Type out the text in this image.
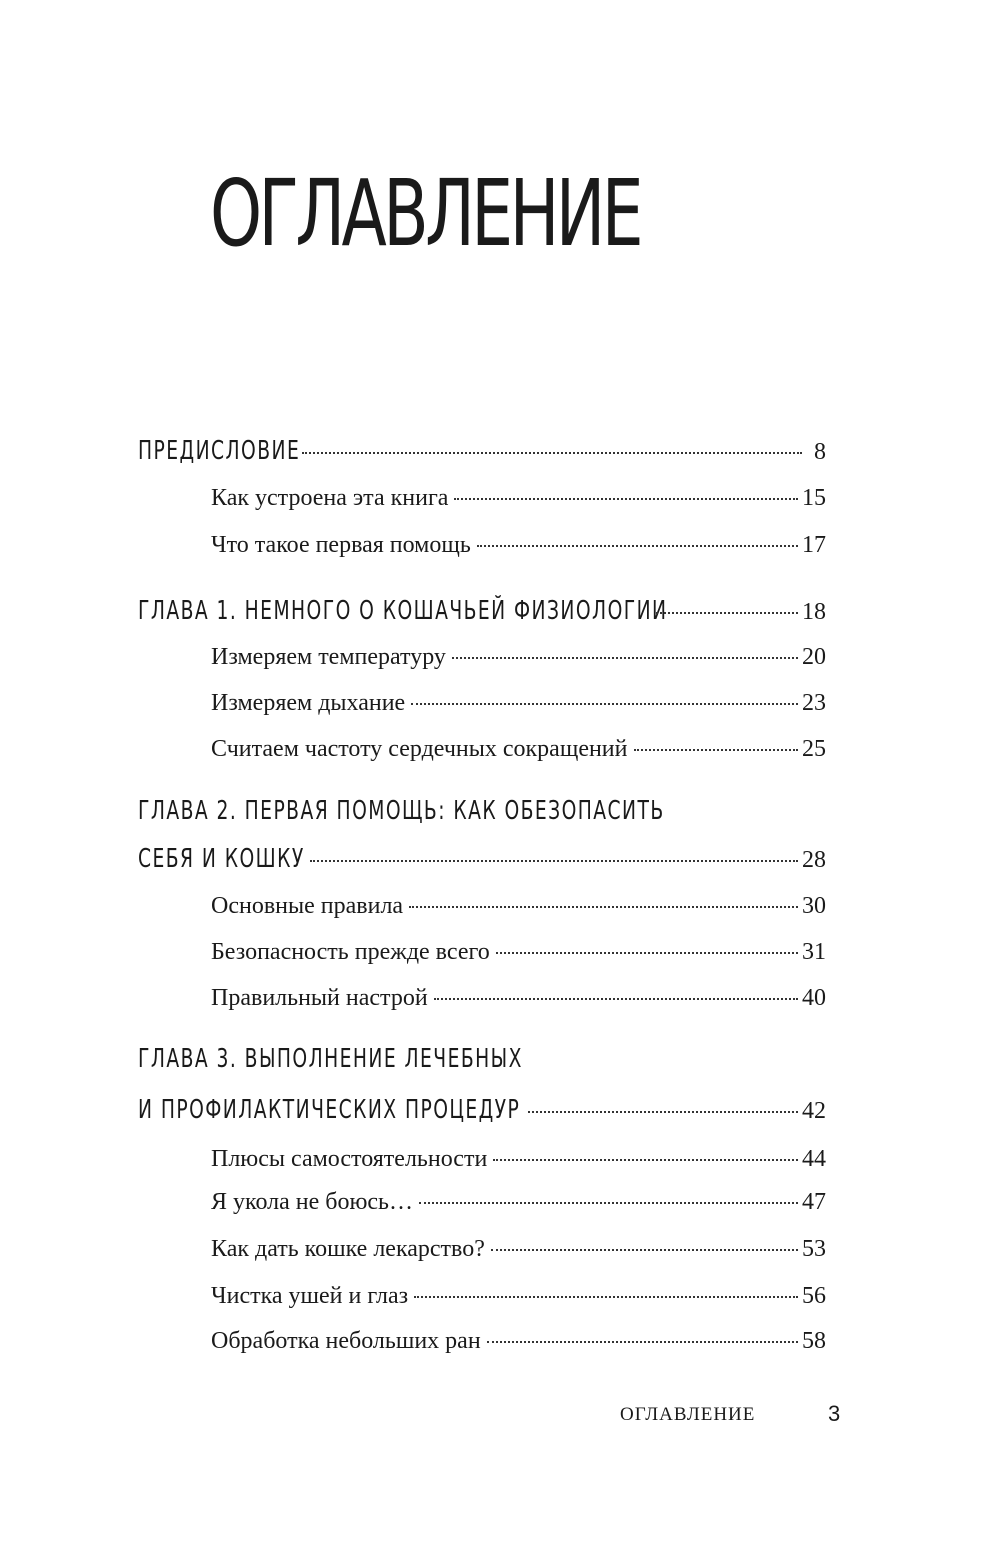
ОГЛАВЛЕНИЕ
ПРЕДИСЛОВИЕ	8
Как устроена эта книга	15
Что такое первая помощь	17
ГЛАВА 1. НЕМНОГО О КОШАЧЬЕЙ ФИЗИОЛОГИИ	18
Измеряем температуру	20
Измеряем дыхание	23
Считаем частоту сердечных сокращений	25
ГЛАВА 2. ПЕРВАЯ ПОМОЩЬ: КАК ОБЕЗОПАСИТЬ
СЕБЯ И КОШКУ	28
Основные правила	30
Безопасность прежде всего	31
Правильный настрой	40
ГЛАВА 3. ВЫПОЛНЕНИЕ ЛЕЧЕБНЫХ
И ПРОФИЛАКТИЧЕСКИХ ПРОЦЕДУР	42
Плюсы самостоятельности	44
Я укола не боюсь…	47
Как дать кошке лекарство?	53
Чистка ушей и глаз	56
Обработка небольших ран	58
ОГЛАВЛЕНИЕ	3
